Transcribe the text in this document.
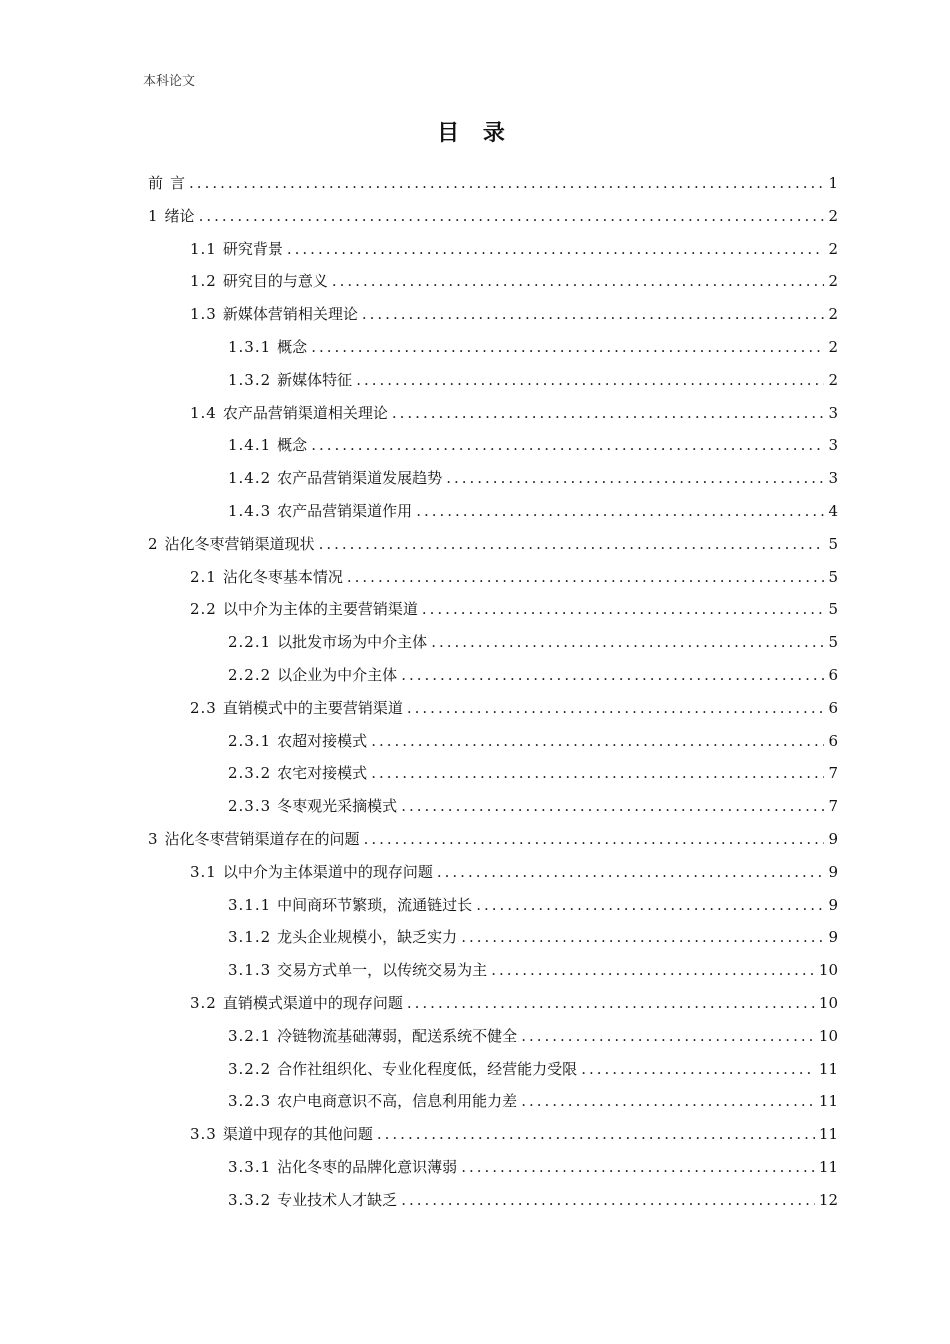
本科论文
目 录
前 言 .....	1
1 绪论 .....	2
1.1 研究背景 .....	2
1.2 研究目的与意义 .....	2
1.3 新媒体营销相关理论 .....	2
1.3.1 概念 .....	2
1.3.2 新媒体特征 .....	2
1.4 农产品营销渠道相关理论 .....	3
1.4.1 概念 .....	3
1.4.2 农产品营销渠道发展趋势 .....	3
1.4.3 农产品营销渠道作用 .....	4
2 沾化冬枣营销渠道现状 .....	5
2.1 沾化冬枣基本情况 .....	5
2.2 以中介为主体的主要营销渠道 .....	5
2.2.1 以批发市场为中介主体 .....	5
2.2.2 以企业为中介主体 .....	6
2.3 直销模式中的主要营销渠道 .....	6
2.3.1 农超对接模式 .....	6
2.3.2 农宅对接模式 .....	7
2.3.3 冬枣观光采摘模式 .....	7
3 沾化冬枣营销渠道存在的问题 .....	9
3.1 以中介为主体渠道中的现存问题 .....	9
3.1.1 中间商环节繁琐，流通链过长 .....	9
3.1.2 龙头企业规模小，缺乏实力 .....	9
3.1.3 交易方式单一，以传统交易为主 .....	10
3.2 直销模式渠道中的现存问题 .....	10
3.2.1 冷链物流基础薄弱，配送系统不健全 .....	10
3.2.2 合作社组织化、专业化程度低，经营能力受限 .....	11
3.2.3 农户电商意识不高，信息利用能力差 .....	11
3.3 渠道中现存的其他问题 .....	11
3.3.1 沾化冬枣的品牌化意识薄弱 .....	11
3.3.2 专业技术人才缺乏 .....	12
